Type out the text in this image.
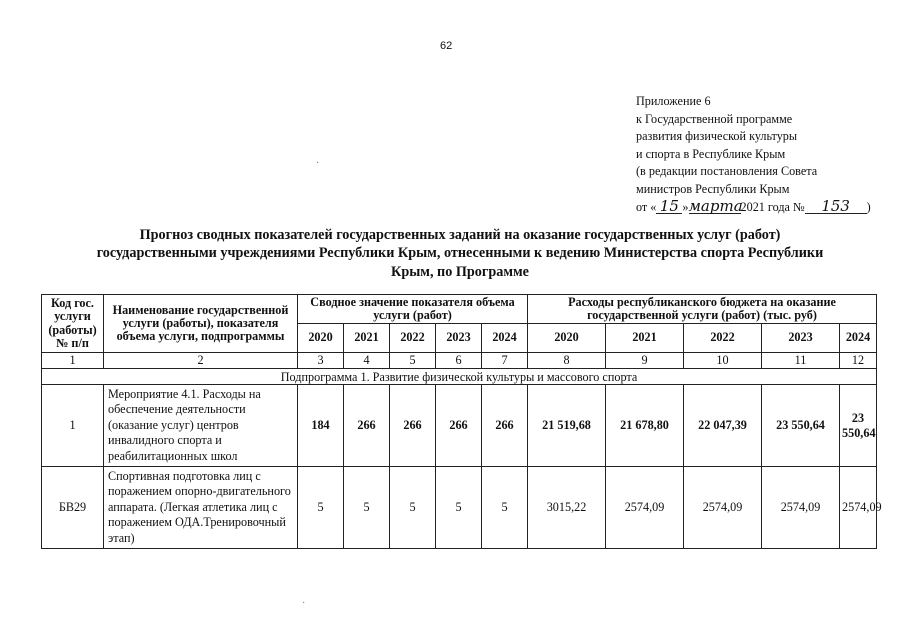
62
Приложение 6
к Государственной программе
развития физической культуры
и спорта в Республике Крым
(в редакции постановления Совета
министров Республики Крым
от « 15 »марта2021 года № 153 )
Прогноз сводных показателей государственных заданий на оказание государственных услуг (работ) государственными учреждениями Республики Крым, отнесенными к ведению Министерства спорта Республики Крым, по Программе
Код гос. услуги (работы) № п/п	Наименование государственной услуги (работы), показателя объема услуги, подпрограммы	Сводное значение показателя объема услуги (работ)					Расходы республиканского бюджета на оказание государственной услуги (работ) (тыс. руб)				
		2020	2021	2022	2023	2024	2020	2021	2022	2023	2024
1	2	3	4	5	6	7	8	9	10	11	12
Подпрограмма 1. Развитие физической культуры и массового спорта											
1	Мероприятие 4.1. Расходы на обеспечение деятельности (оказание услуг) центров инвалидного спорта и реабилитационных школ	184	266	266	266	266	21 519,68	21 678,80	22 047,39	23 550,64	23 550,64
БВ29	Спортивная подготовка лиц с поражением опорно-двигательного аппарата. (Легкая атлетика лиц с поражением ОДА.Тренировочный этап)	5	5	5	5	5	3015,22	2574,09	2574,09	2574,09	2574,09
·
·
